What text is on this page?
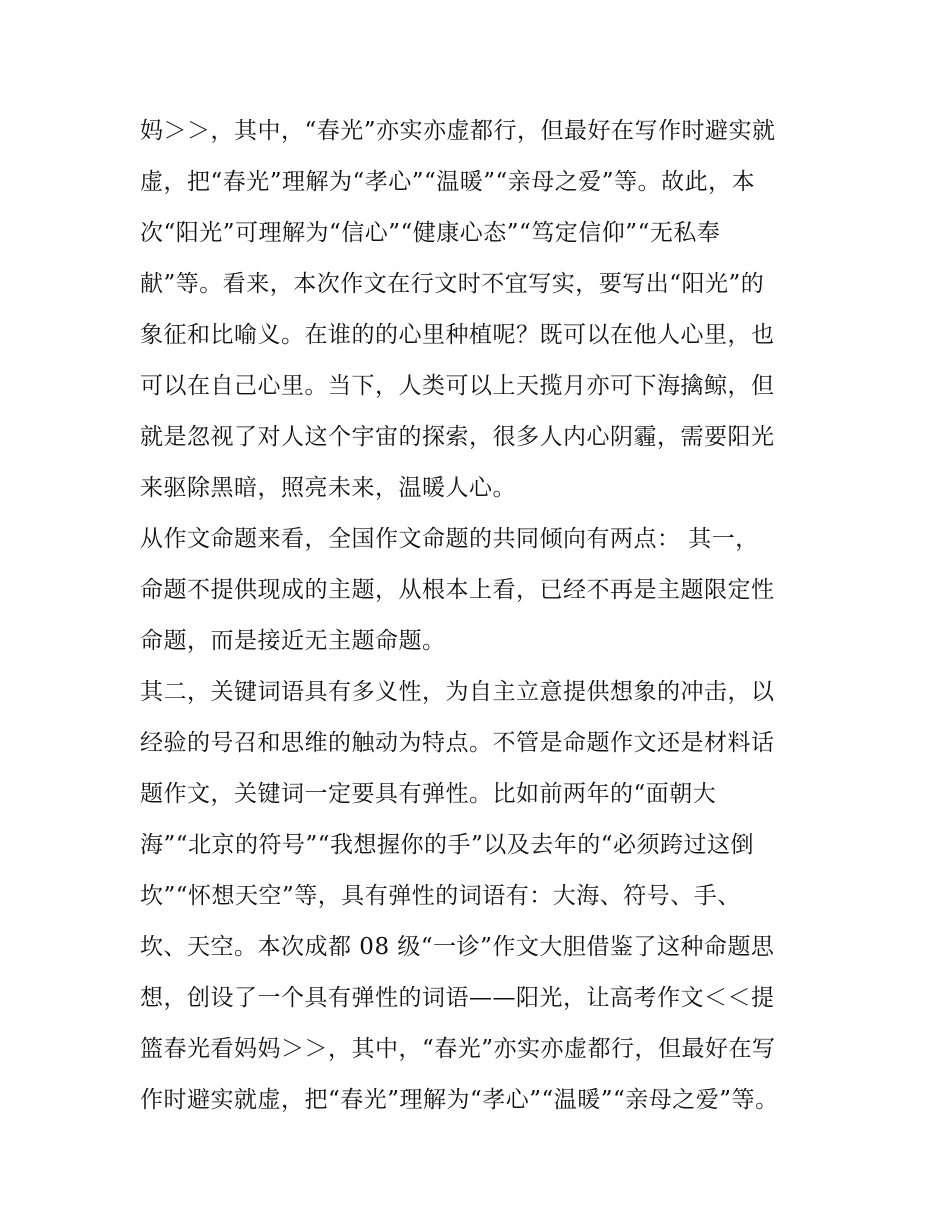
妈＞＞，其中，“春光”亦实亦虚都行，但最好在写作时避实就
虚，把“春光”理解为“孝心”“温暖”“亲母之爱”等。故此，本
次“阳光”可理解为“信心”“健康心态”“笃定信仰”“无私奉
献”等。看来，本次作文在行文时不宜写实，要写出“阳光”的
象征和比喻义。在谁的的心里种植呢？既可以在他人心里，也
可以在自己心里。当下，人类可以上天揽月亦可下海擒鲸，但
就是忽视了对人这个宇宙的探索，很多人内心阴霾，需要阳光
来驱除黑暗，照亮未来，温暖人心。
从作文命题来看，全国作文命题的共同倾向有两点： 其一，
命题不提供现成的主题，从根本上看，已经不再是主题限定性
命题，而是接近无主题命题。
其二，关键词语具有多义性，为自主立意提供想象的冲击，以
经验的号召和思维的触动为特点。不管是命题作文还是材料话
题作文，关键词一定要具有弹性。比如前两年的“面朝大
海”“北京的符号”“我想握你的手”以及去年的“必须跨过这倒
坎”“怀想天空”等，具有弹性的词语有：大海、符号、手、
坎、天空。本次成都 08 级“一诊”作文大胆借鉴了这种命题思
想，创设了一个具有弹性的词语——阳光，让高考作文＜＜提
篮春光看妈妈＞＞，其中，“春光”亦实亦虚都行，但最好在写
作时避实就虚，把“春光”理解为“孝心”“温暖”“亲母之爱”等。
